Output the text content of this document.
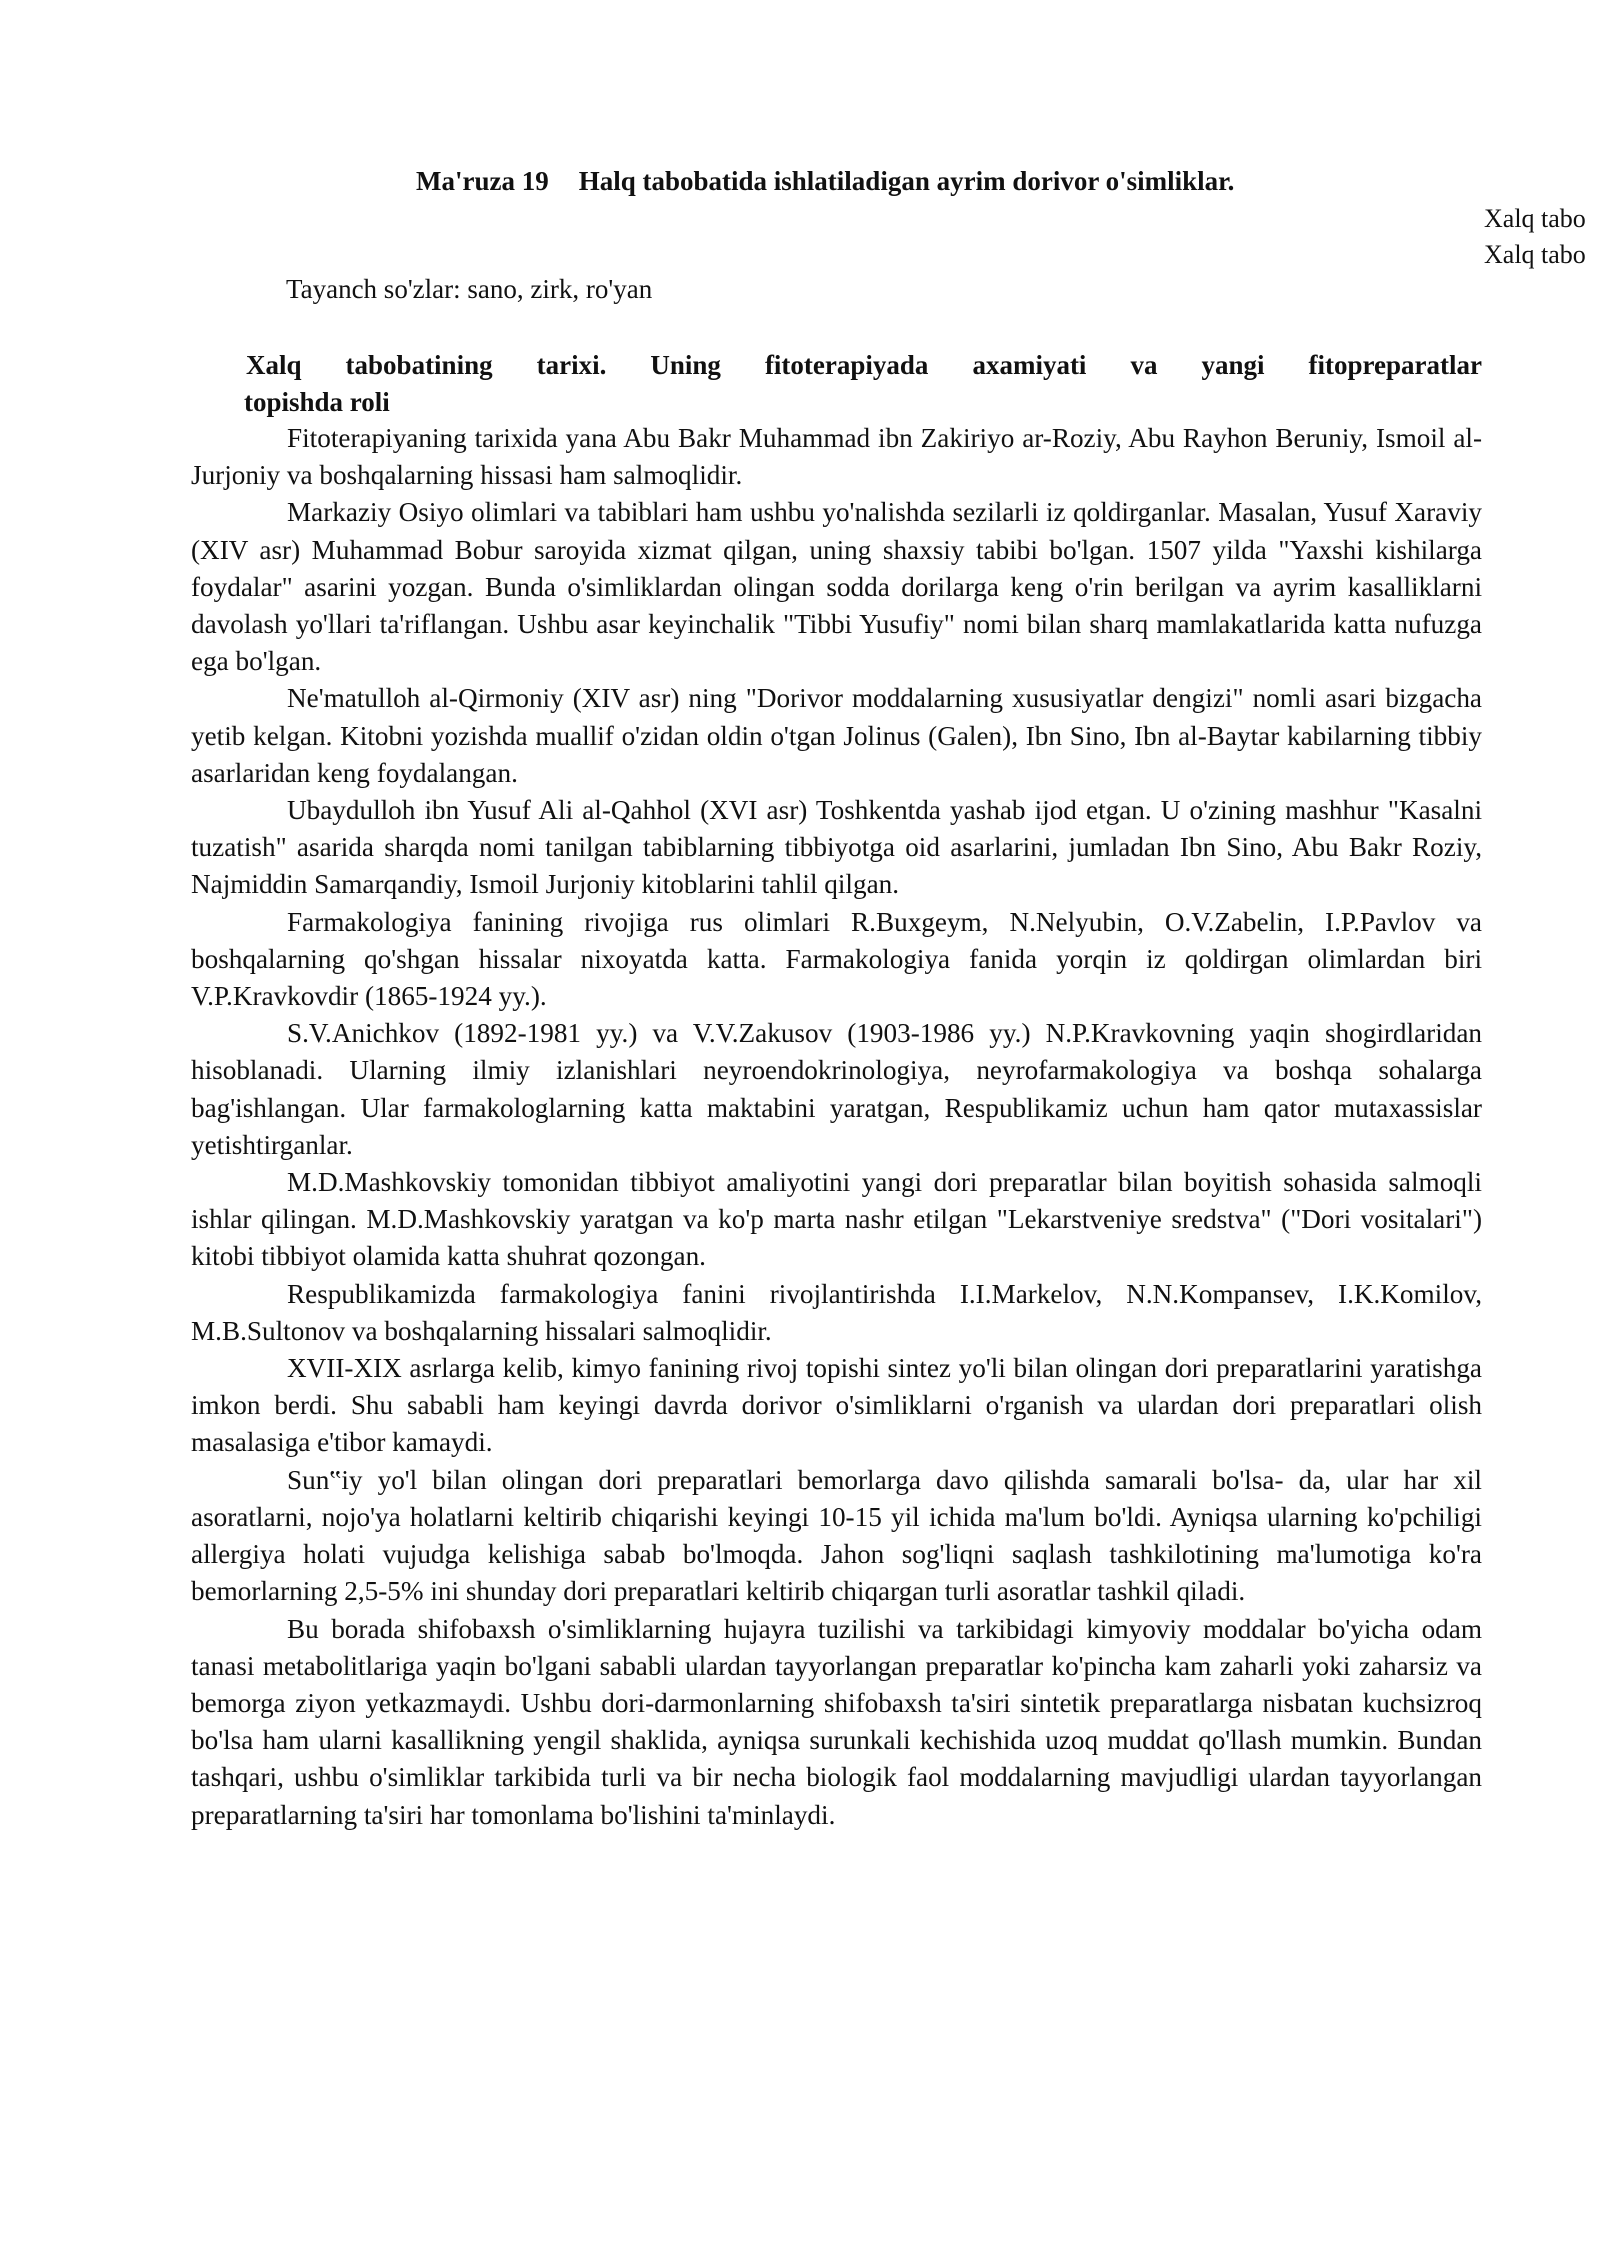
Ma'ruza 19 Halq tabobatida ishlatiladigan ayrim dorivor o'simliklar.
Xalq tabo
Xalq tabo
Tayanch so'zlar: sano, zirk, ro'yan
Xalq tabobatining tarixi. Uning fitoterapiyada axamiyati va yangi fitopreparatlar
topishda roli

Fitoterapiyaning tarixida yana Abu Bakr Muhammad ibn Zakiriyo ar-Roziy, Abu Rayhon Beruniy, Ismoil al-Jurjoniy va boshqalarning hissasi ham salmoqlidir.

Markaziy Osiyo olimlari va tabiblari ham ushbu yo'nalishda sezilarli iz qoldirganlar. Masalan, Yusuf Xaraviy (XIV asr) Muhammad Bobur saroyida xizmat qilgan, uning shaxsiy tabibi bo'lgan. 1507 yilda "Yaxshi kishilarga foydalar" asarini yozgan. Bunda o'simliklardan olingan sodda dorilarga keng o'rin berilgan va ayrim kasalliklarni davolash yo'llari ta'riflangan. Ushbu asar keyinchalik "Tibbi Yusufiy" nomi bilan sharq mamlakatlarida katta nufuzga ega bo'lgan.

Ne'matulloh al-Qirmoniy (XIV asr) ning "Dorivor moddalarning xususiyatlar dengizi" nomli asari bizgacha yetib kelgan. Kitobni yozishda muallif o'zidan oldin o'tgan Jolinus (Galen), Ibn Sino, Ibn al-Baytar kabilarning tibbiy asarlaridan keng foydalangan.

Ubaydulloh ibn Yusuf Ali al-Qahhol (XVI asr) Toshkentda yashab ijod etgan. U o'zining mashhur "Kasalni tuzatish" asarida sharqda nomi tanilgan tabiblarning tibbiyotga oid asarlarini, jumladan Ibn Sino, Abu Bakr Roziy, Najmiddin Samarqandiy, Ismoil Jurjoniy kitoblarini tahlil qilgan.

Farmakologiya fanining rivojiga rus olimlari R.Buxgeym, N.Nelyubin, O.V.Zabelin, I.P.Pavlov va boshqalarning qo'shgan hissalar nixoyatda katta. Farmakologiya fanida yorqin iz qoldirgan olimlardan biri V.P.Kravkovdir (1865-1924 yy.).

S.V.Anichkov (1892-1981 yy.) va V.V.Zakusov (1903-1986 yy.) N.P.Kravkovning yaqin shogirdlaridan hisoblanadi. Ularning ilmiy izlanishlari neyroendokrinologiya, neyrofarmakologiya va boshqa sohalarga bag'ishlangan. Ular farmakologlarning katta maktabini yaratgan, Respublikamiz uchun ham qator mutaxassislar yetishtirganlar.

M.D.Mashkovskiy tomonidan tibbiyot amaliyotini yangi dori preparatlar bilan boyitish sohasida salmoqli ishlar qilingan. M.D.Mashkovskiy yaratgan va ko'p marta nashr etilgan "Lekarstveniye sredstva" ("Dori vositalari") kitobi tibbiyot olamida katta shuhrat qozongan.

Respublikamizda farmakologiya fanini rivojlantirishda I.I.Markelov, N.N.Kompansev, I.K.Komilov, M.B.Sultonov va boshqalarning hissalari salmoqlidir.

XVII-XIX asrlarga kelib, kimyo fanining rivoj topishi sintez yo'li bilan olingan dori preparatlarini yaratishga imkon berdi. Shu sababli ham keyingi davrda dorivor o'simliklarni o'rganish va ulardan dori preparatlari olish masalasiga e'tibor kamaydi.

Sun‟iy yo'l bilan olingan dori preparatlari bemorlarga davo qilishda samarali bo'lsa- da, ular har xil asoratlarni, nojo'ya holatlarni keltirib chiqarishi keyingi 10-15 yil ichida ma'lum bo'ldi. Ayniqsa ularning ko'pchiligi allergiya holati vujudga kelishiga sabab bo'lmoqda. Jahon sog'liqni saqlash tashkilotining ma'lumotiga ko'ra bemorlarning 2,5-5% ini shunday dori preparatlari keltirib chiqargan turli asoratlar tashkil qiladi.

Bu borada shifobaxsh o'simliklarning hujayra tuzilishi va tarkibidagi kimyoviy moddalar bo'yicha odam tanasi metabolitlariga yaqin bo'lgani sababli ulardan tayyorlangan preparatlar ko'pincha kam zaharli yoki zaharsiz va bemorga ziyon yetkazmaydi. Ushbu dori-darmonlarning shifobaxsh ta'siri sintetik preparatlarga nisbatan kuchsizroq bo'lsa ham ularni kasallikning yengil shaklida, ayniqsa surunkali kechishida uzoq muddat qo'llash mumkin. Bundan tashqari, ushbu o'simliklar tarkibida turli va bir necha biologik faol moddalarning mavjudligi ulardan tayyorlangan preparatlarning ta'siri har tomonlama bo'lishini ta'minlaydi.
